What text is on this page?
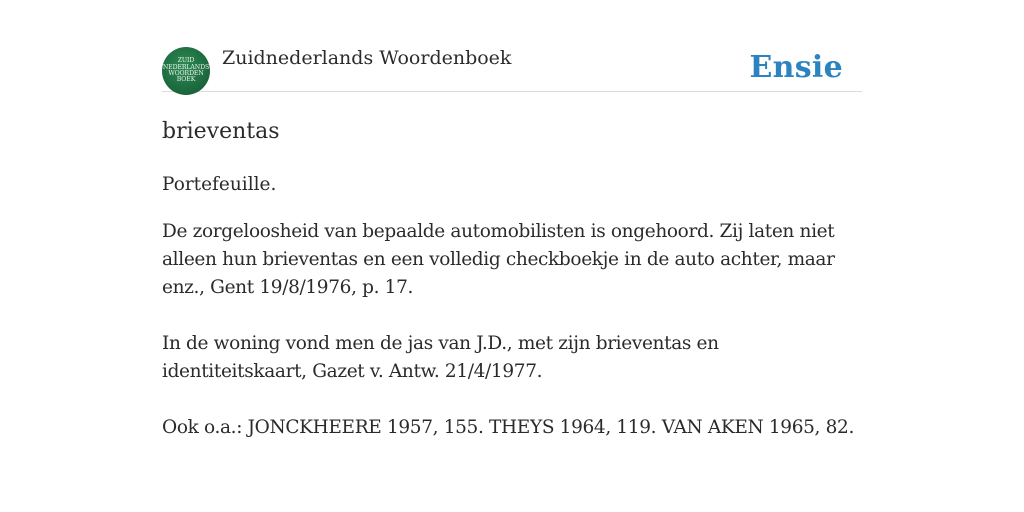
ZUID
NEDERLANDS
WOORDEN
BOEK
Zuidnederlands Woordenboek	Ensie
brieventas

Portefeuille.

De zorgeloosheid van bepaalde automobilisten is ongehoord. Zij laten niet alleen hun brieventas en een volledig checkboekje in de auto achter, maar enz., Gent 19/8/1976, p. 17.

In de woning vond men de jas van J.D., met zijn brieventas en identiteitskaart, Gazet v. Antw. 21/4/1977.

Ook o.a.: JONCKHEERE 1957, 155. THEYS 1964, 119. VAN AKEN 1965, 82.
